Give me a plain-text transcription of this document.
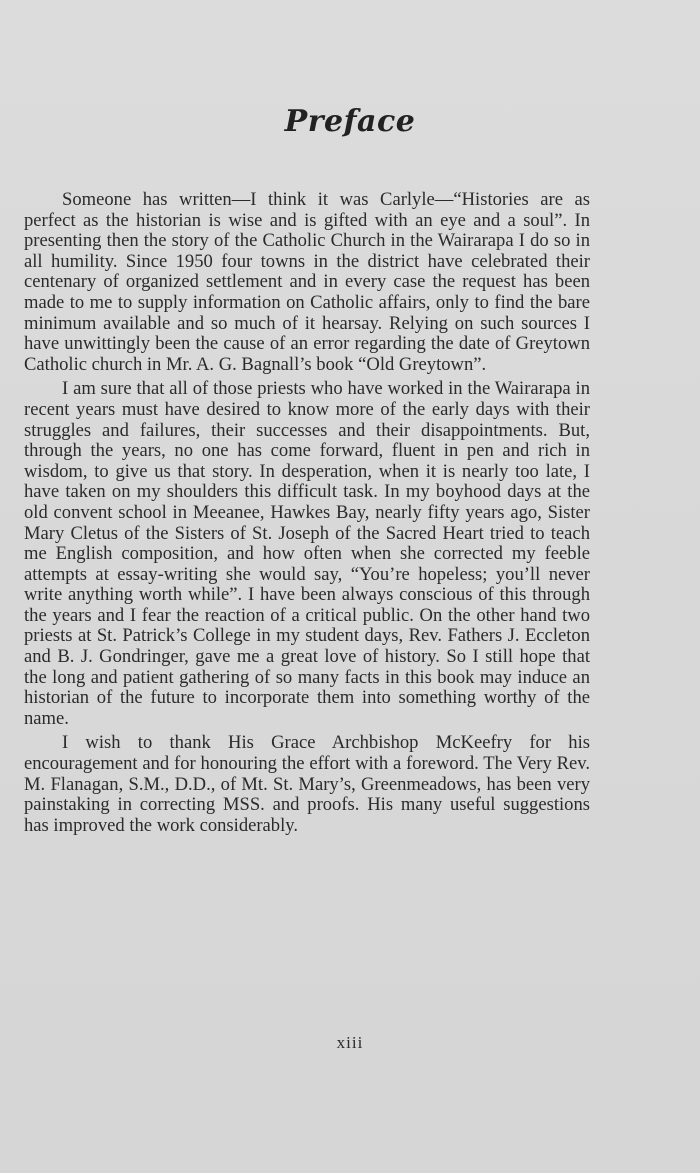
Preface

Someone has written—I think it was Carlyle—“Histories are as perfect as the historian is wise and is gifted with an eye and a soul”. In presenting then the story of the Catholic Church in the Wairarapa I do so in all humility. Since 1950 four towns in the district have celebrated their centenary of organized settlement and in every case the request has been made to me to supply information on Catholic affairs, only to find the bare minimum available and so much of it hearsay. Relying on such sources I have unwittingly been the cause of an error regarding the date of Greytown Catholic church in Mr. A. G. Bagnall’s book “Old Greytown”.

I am sure that all of those priests who have worked in the Wairarapa in recent years must have desired to know more of the early days with their struggles and failures, their successes and their disappointments. But, through the years, no one has come forward, fluent in pen and rich in wisdom, to give us that story. In desperation, when it is nearly too late, I have taken on my shoulders this difficult task. In my boyhood days at the old convent school in Meeanee, Hawkes Bay, nearly fifty years ago, Sister Mary Cletus of the Sisters of St. Joseph of the Sacred Heart tried to teach me English composition, and how often when she corrected my feeble attempts at essay-writing she would say, “You’re hopeless; you’ll never write anything worth while”. I have been always conscious of this through the years and I fear the reaction of a critical public. On the other hand two priests at St. Patrick’s College in my student days, Rev. Fathers J. Eccleton and B. J. Gondringer, gave me a great love of history. So I still hope that the long and patient gathering of so many facts in this book may induce an historian of the future to incorporate them into something worthy of the name.

I wish to thank His Grace Archbishop McKeefry for his encouragement and for honouring the effort with a foreword. The Very Rev. M. Flanagan, S.M., D.D., of Mt. St. Mary’s, Greenmeadows, has been very painstaking in correcting MSS. and proofs. His many useful suggestions has improved the work considerably.

xiii
